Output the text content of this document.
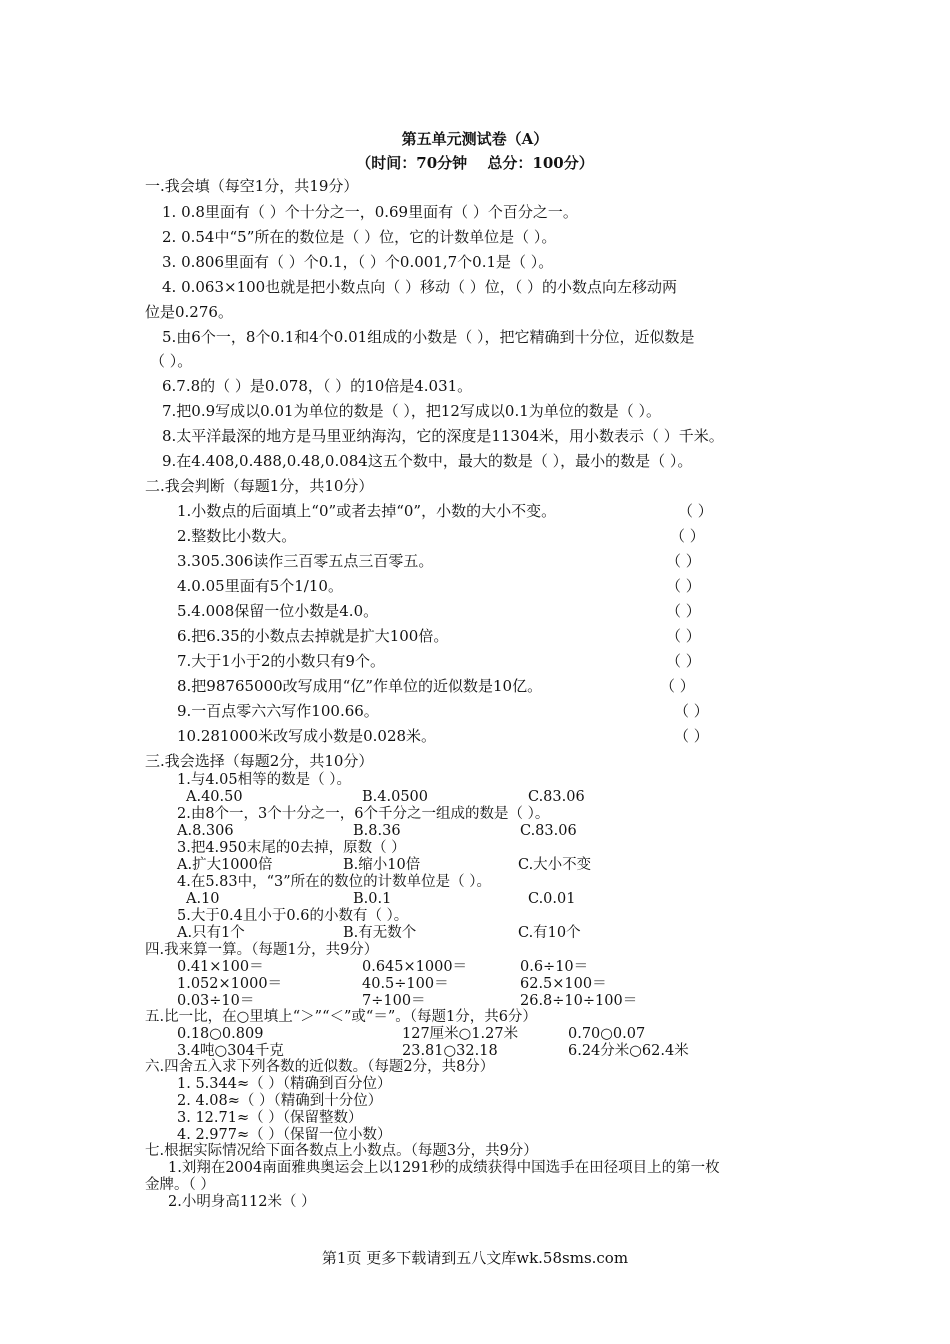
第五单元测试卷（A）
（时间：70分钟　 总分：100分）
一.我会填（每空1分，共19分）
1. 0.8里面有（ ）个十分之一，0.69里面有（ ）个百分之一。
2. 0.54中“5”所在的数位是（ ）位，它的计数单位是（ ）。
3. 0.806里面有（ ）个0.1，（ ）个0.001,7个0.1是（ ）。
4. 0.063×100也就是把小数点向（ ）移动（ ）位，（ ）的小数点向左移动两
位是0.276。
5.由6个一，8个0.1和4个0.01组成的小数是（ ），把它精确到十分位，近似数是
（ ）。
6.7.8的（ ）是0.078，（ ）的10倍是4.031。
7.把0.9写成以0.01为单位的数是（ ），把12写成以0.1为单位的数是（ ）。
8.太平洋最深的地方是马里亚纳海沟，它的深度是11304米，用小数表示（ ）千米。
9.在4.408,0.488,0.48,0.084这五个数中，最大的数是（ ），最小的数是（ ）。
二.我会判断（每题1分，共10分）
1.小数点的后面填上“0”或者去掉“0”，小数的大小不变。	（ ）
2.整数比小数大。	（ ）
3.305.306读作三百零五点三百零五。	（ ）
4.0.05里面有5个1/10。	（ ）
5.4.008保留一位小数是4.0。	（ ）
6.把6.35的小数点去掉就是扩大100倍。	（ ）
7.大于1小于2的小数只有9个。	（ ）
8.把98765000改写成用“亿”作单位的近似数是10亿。	（ ）
9.一百点零六六写作100.66。	（ ）
10.281000米改写成小数是0.028米。	（ ）
三.我会选择（每题2分，共10分）
1.与4.05相等的数是（ ）。
A.40.50	B.4.0500	C.83.06
2.由8个一，3个十分之一，6个千分之一组成的数是（ ）。
A.8.306	B.8.36	C.83.06
3.把4.950末尾的0去掉，原数（ ）
A.扩大1000倍	B.缩小10倍	C.大小不变
4.在5.83中，“3”所在的数位的计数单位是（ ）。
A.10	B.0.1	C.0.01
5.大于0.4且小于0.6的小数有（ ）。
A.只有1个	B.有无数个	C.有10个
四.我来算一算。（每题1分，共9分）
0.41×100＝	0.645×1000＝	0.6÷10＝
1.052×1000＝	40.5÷100＝	62.5×100＝
0.03÷10＝	7÷100＝	26.8÷10÷100＝
五.比一比，在○里填上“＞”“＜”或“＝”。（每题1分，共6分）
0.18○0.809	127厘米○1.27米	0.70○0.07
3.4吨○304千克	23.81○32.18	6.24分米○62.4米
六.四舍五入求下列各数的近似数。（每题2分，共8分）
1. 5.344≈（ ）（精确到百分位）
2. 4.08≈（ ）（精确到十分位）
3. 12.71≈（ ）（保留整数）
4. 2.977≈（ ）（保留一位小数）
七.根据实际情况给下面各数点上小数点。（每题3分，共9分）
1.刘翔在2004南面雅典奥运会上以1291秒的成绩获得中国选手在田径项目上的第一枚
金牌。（ ）
2.小明身高112米（ ）
第1页 更多下载请到五八文库wk.58sms.com
